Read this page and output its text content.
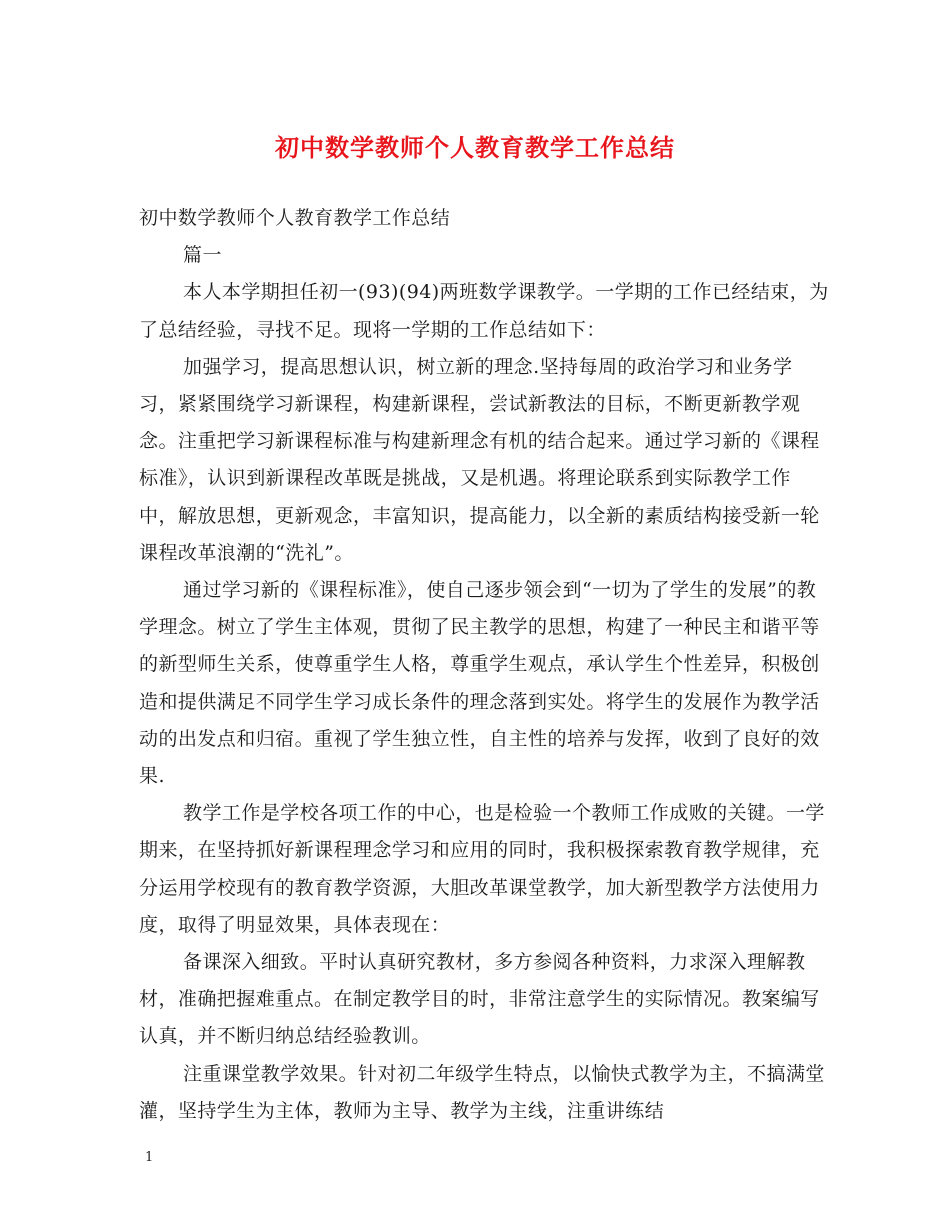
初中数学教师个人教育教学工作总结

初中数学教师个人教育教学工作总结

篇一

本人本学期担任初一(93)(94)两班数学课教学。一学期的工作已经结束，为了总结经验，寻找不足。现将一学期的工作总结如下：

加强学习，提高思想认识，树立新的理念.坚持每周的政治学习和业务学习，紧紧围绕学习新课程，构建新课程，尝试新教法的目标，不断更新教学观念。注重把学习新课程标准与构建新理念有机的结合起来。通过学习新的《课程标准》，认识到新课程改革既是挑战，又是机遇。将理论联系到实际教学工作中，解放思想，更新观念，丰富知识，提高能力，以全新的素质结构接受新一轮课程改革浪潮的“洗礼”。

通过学习新的《课程标准》，使自己逐步领会到“一切为了学生的发展”的教学理念。树立了学生主体观，贯彻了民主教学的思想，构建了一种民主和谐平等的新型师生关系，使尊重学生人格，尊重学生观点，承认学生个性差异，积极创造和提供满足不同学生学习成长条件的理念落到实处。将学生的发展作为教学活动的出发点和归宿。重视了学生独立性，自主性的培养与发挥，收到了良好的效果.

教学工作是学校各项工作的中心，也是检验一个教师工作成败的关键。一学期来，在坚持抓好新课程理念学习和应用的同时，我积极探索教育教学规律，充分运用学校现有的教育教学资源，大胆改革课堂教学，加大新型教学方法使用力度，取得了明显效果，具体表现在：

备课深入细致。平时认真研究教材，多方参阅各种资料，力求深入理解教材，准确把握难重点。在制定教学目的时，非常注意学生的实际情况。教案编写认真，并不断归纳总结经验教训。

注重课堂教学效果。针对初二年级学生特点，以愉快式教学为主，不搞满堂灌，坚持学生为主体，教师为主导、教学为主线，注重讲练结

1
